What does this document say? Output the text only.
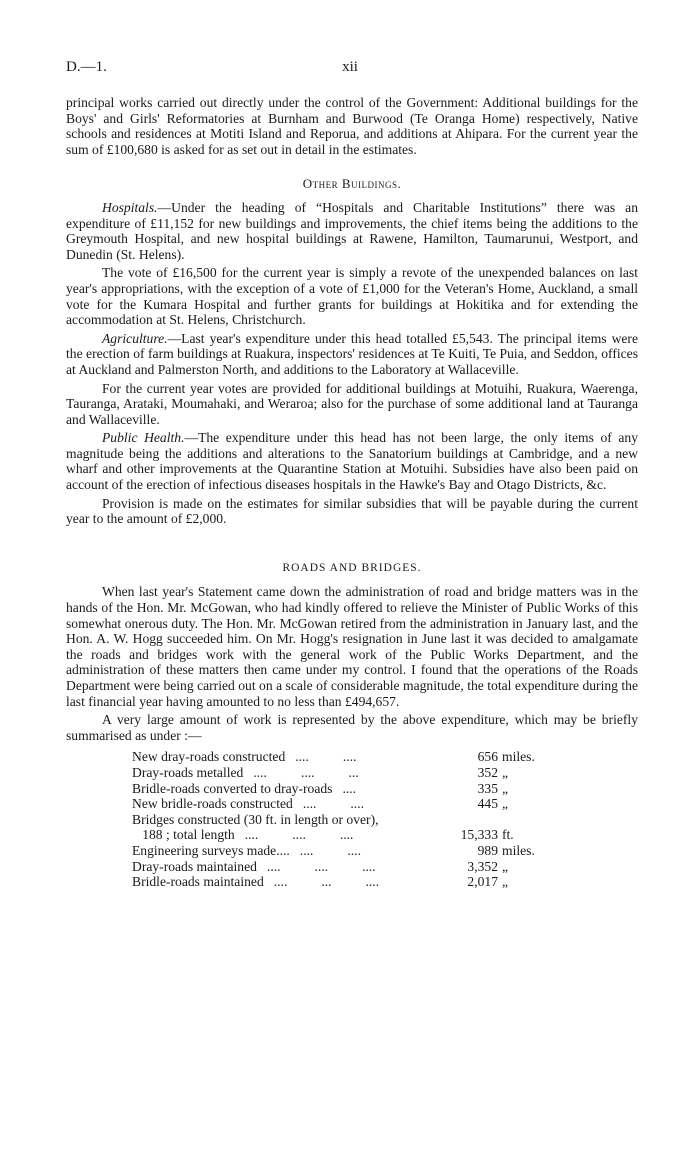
D.—1.	xii

principal works carried out directly under the control of the Government: Additional buildings for the Boys' and Girls' Reformatories at Burnham and Burwood (Te Oranga Home) respectively, Native schools and residences at Motiti Island and Reporua, and additions at Ahipara. For the current year the sum of £100,680 is asked for as set out in detail in the estimates.

Other Buildings.

Hospitals.—Under the heading of “Hospitals and Charitable Institutions” there was an expenditure of £11,152 for new buildings and improvements, the chief items being the additions to the Greymouth Hospital, and new hospital buildings at Rawene, Hamilton, Taumarunui, Westport, and Dunedin (St. Helens).

The vote of £16,500 for the current year is simply a revote of the unexpended balances on last year's appropriations, with the exception of a vote of £1,000 for the Veteran's Home, Auckland, a small vote for the Kumara Hospital and further grants for buildings at Hokitika and for extending the accommodation at St. Helens, Christchurch.

Agriculture.—Last year's expenditure under this head totalled £5,543. The principal items were the erection of farm buildings at Ruakura, inspectors' residences at Te Kuiti, Te Puia, and Seddon, offices at Auckland and Palmerston North, and additions to the Laboratory at Wallaceville.

For the current year votes are provided for additional buildings at Motuihi, Ruakura, Waerenga, Tauranga, Arataki, Moumahaki, and Weraroa; also for the purchase of some additional land at Tauranga and Wallaceville.

Public Health.—The expenditure under this head has not been large, the only items of any magnitude being the additions and alterations to the Sanatorium buildings at Cambridge, and a new wharf and other improvements at the Quarantine Station at Motuihi. Subsidies have also been paid on account of the erection of infectious diseases hospitals in the Hawke's Bay and Otago Districts, &c.

Provision is made on the estimates for similar subsidies that will be payable during the current year to the amount of £2,000.

ROADS AND BRIDGES.

When last year's Statement came down the administration of road and bridge matters was in the hands of the Hon. Mr. McGowan, who had kindly offered to relieve the Minister of Public Works of this somewhat onerous duty. The Hon. Mr. McGowan retired from the administration in January last, and the Hon. A. W. Hogg succeeded him. On Mr. Hogg's resignation in June last it was decided to amalgamate the roads and bridges work with the general work of the Public Works Department, and the administration of these matters then came under my control. I found that the operations of the Roads Department were being carried out on a scale of considerable magnitude, the total expenditure during the last financial year having amounted to no less than £494,657.

A very large amount of work is represented by the above expenditure, which may be briefly summarised as under :—

New dray-roads constructed ....          ....	656 miles.
Dray-roads metalled ....          ....          ...	352 „
Bridle-roads converted to dray-roads ....	335 „
New bridle-roads constructed ....          ....	445 „
Bridges constructed (30 ft. in length or over),
188 ; total length ....          ....          ....	15,333 ft.
Engineering surveys made.... ....          ....	989 miles.
Dray-roads maintained ....          ....          ....	3,352 „
Bridle-roads maintained ....          ...          ....	2,017 „
